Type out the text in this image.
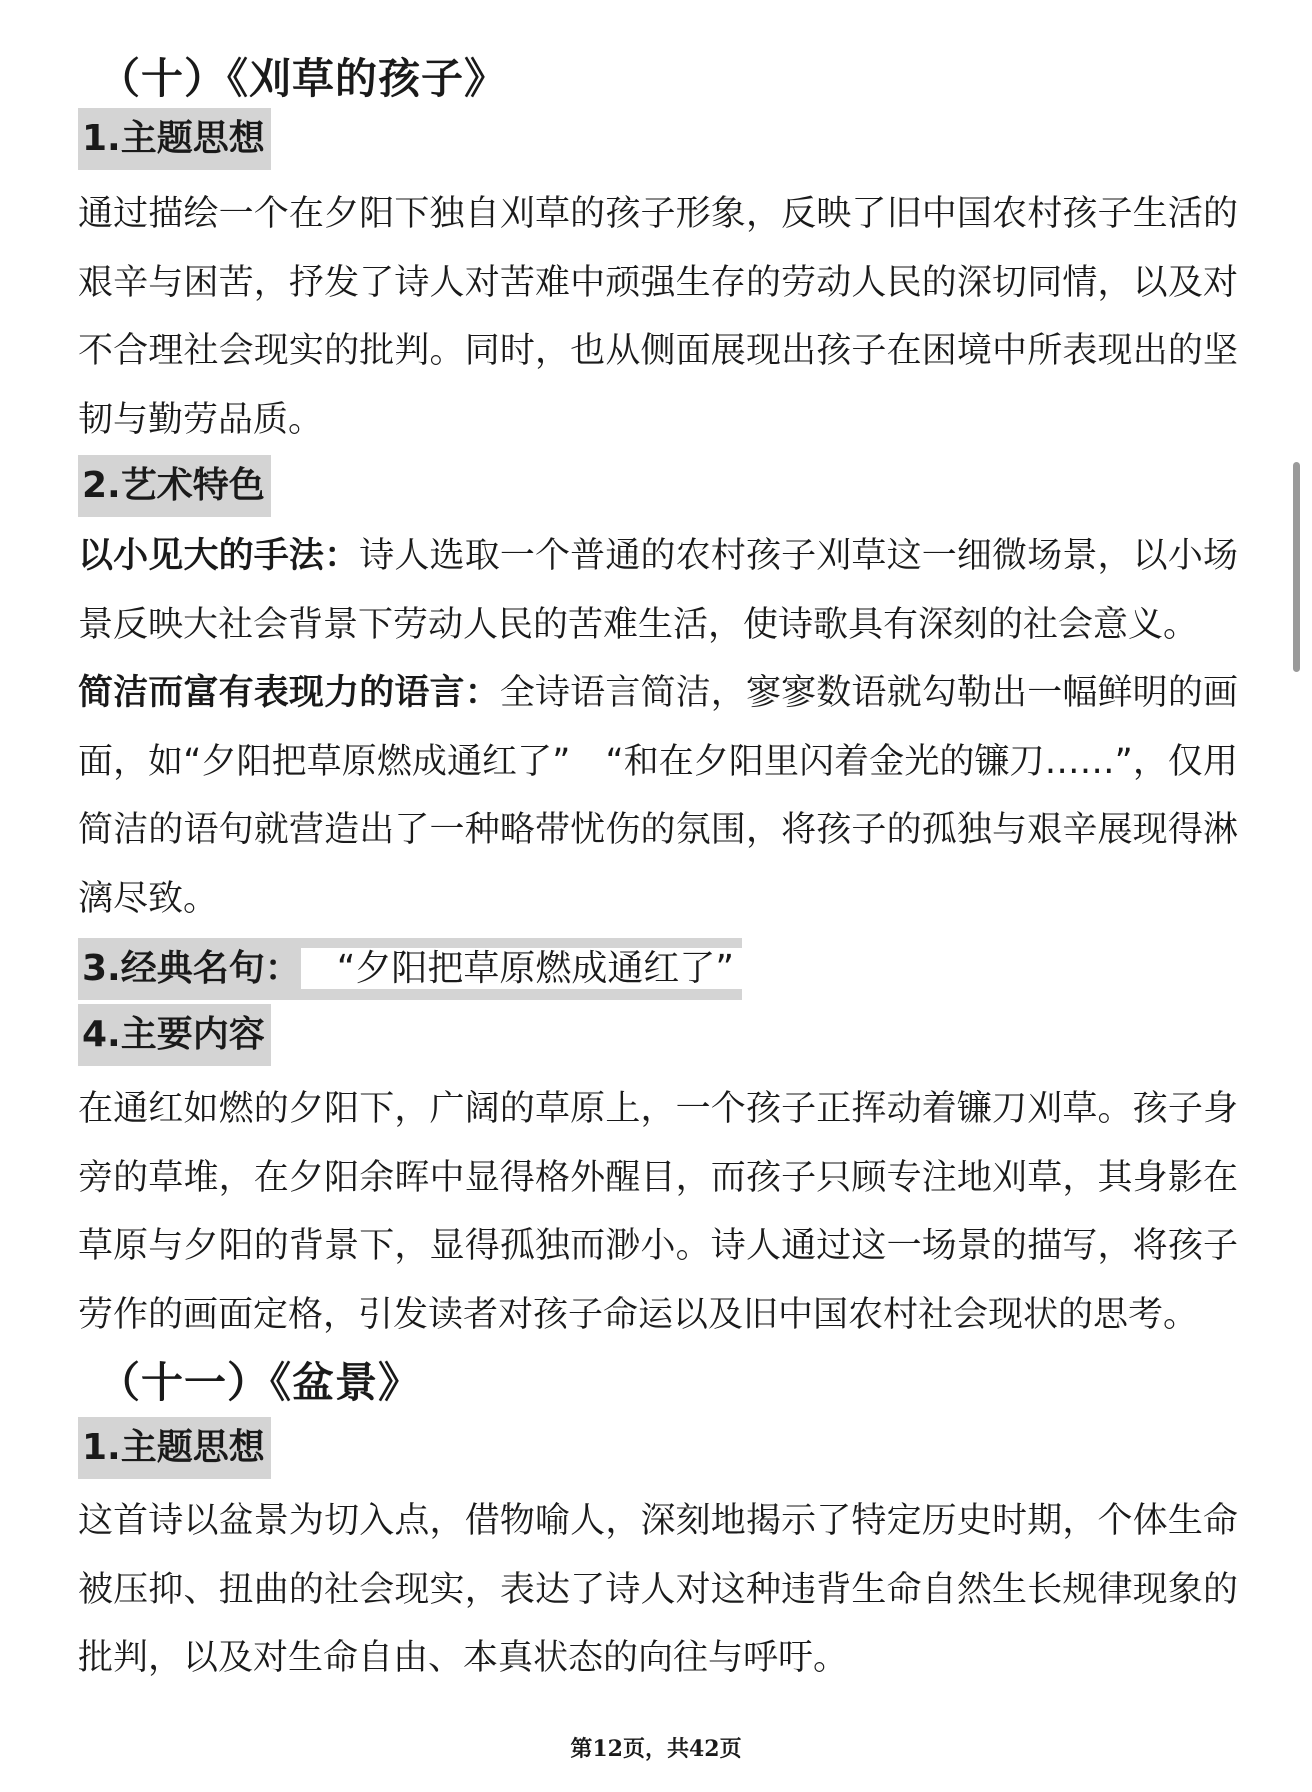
（十）《刈草的孩子》
1.主题思想

通过描绘一个在夕阳下独自刈草的孩子形象，反映了旧中国农村孩子生活的艰辛与困苦，抒发了诗人对苦难中顽强生存的劳动人民的深切同情，以及对不合理社会现实的批判。同时，也从侧面展现出孩子在困境中所表现出的坚韧与勤劳品质。

2.艺术特色

以小见大的手法：诗人选取一个普通的农村孩子刈草这一细微场景，以小场景反映大社会背景下劳动人民的苦难生活，使诗歌具有深刻的社会意义。

简洁而富有表现力的语言：全诗语言简洁，寥寥数语就勾勒出一幅鲜明的画面，如“夕阳把草原燃成通红了”　“和在夕阳里闪着金光的镰刀……”，仅用简洁的语句就营造出了一种略带忧伤的氛围，将孩子的孤独与艰辛展现得淋漓尽致。

3.经典名句： “夕阳把草原燃成通红了”
4.主要内容

在通红如燃的夕阳下，广阔的草原上，一个孩子正挥动着镰刀刈草。孩子身旁的草堆，在夕阳余晖中显得格外醒目，而孩子只顾专注地刈草，其身影在草原与夕阳的背景下，显得孤独而渺小。诗人通过这一场景的描写，将孩子劳作的画面定格，引发读者对孩子命运以及旧中国农村社会现状的思考。

（十一）《盆景》
1.主题思想

这首诗以盆景为切入点，借物喻人，深刻地揭示了特定历史时期，个体生命被压抑、扭曲的社会现实，表达了诗人对这种违背生命自然生长规律现象的批判，以及对生命自由、本真状态的向往与呼吁。

第12页，共42页
